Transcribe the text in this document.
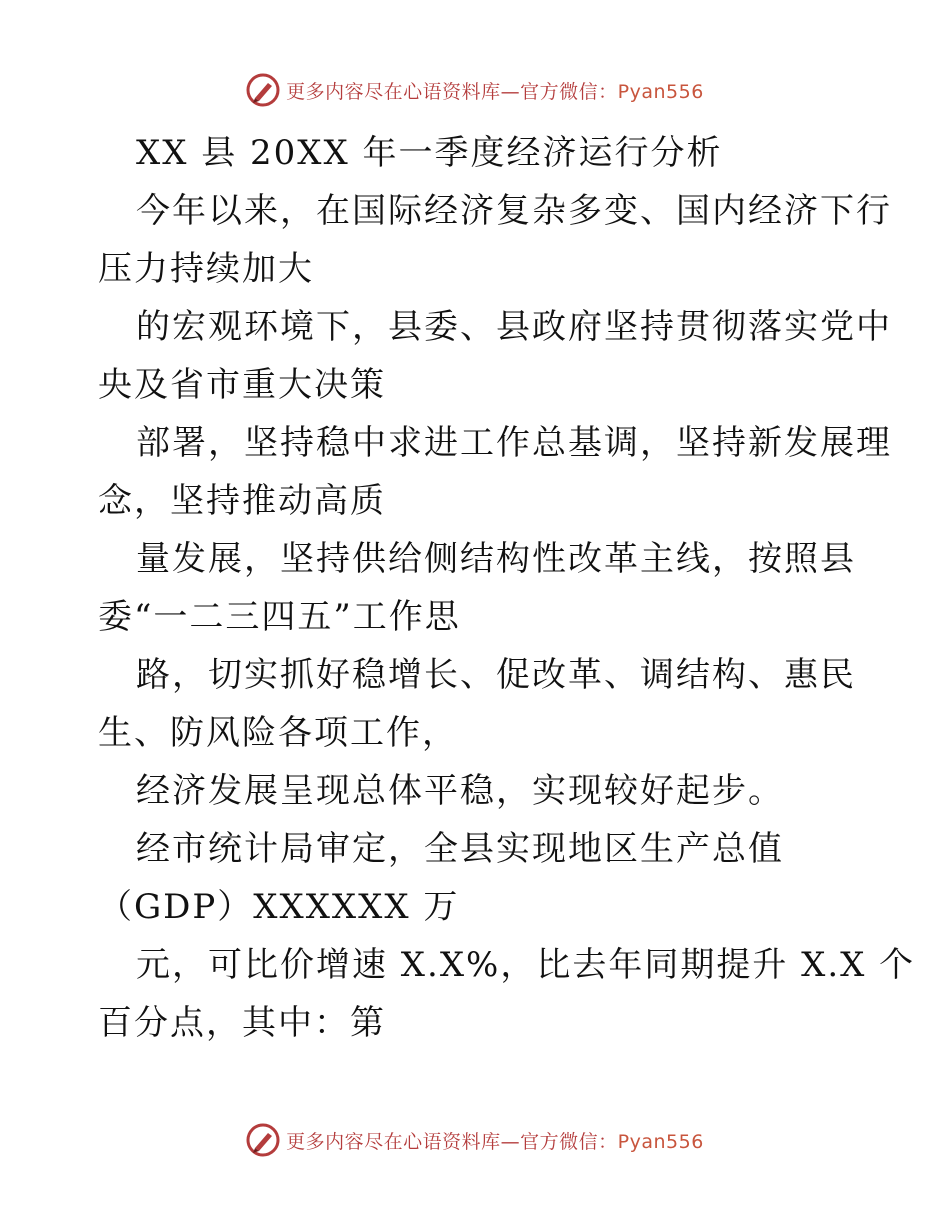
更多内容尽在心语资料库—官方微信：Pyan556
XX 县 20XX 年一季度经济运行分析
今年以来，在国际经济复杂多变、国内经济下行
压力持续加大
的宏观环境下，县委、县政府坚持贯彻落实党中
央及省市重大决策
部署，坚持稳中求进工作总基调，坚持新发展理
念，坚持推动高质
量发展，坚持供给侧结构性改革主线，按照县
委“一二三四五”工作思
路，切实抓好稳增长、促改革、调结构、惠民
生、防风险各项工作，
经济发展呈现总体平稳，实现较好起步。
经市统计局审定，全县实现地区生产总值
（GDP）XXXXXX 万
元，可比价增速 X.X%，比去年同期提升 X.X 个
百分点，其中：第
更多内容尽在心语资料库—官方微信：Pyan556
